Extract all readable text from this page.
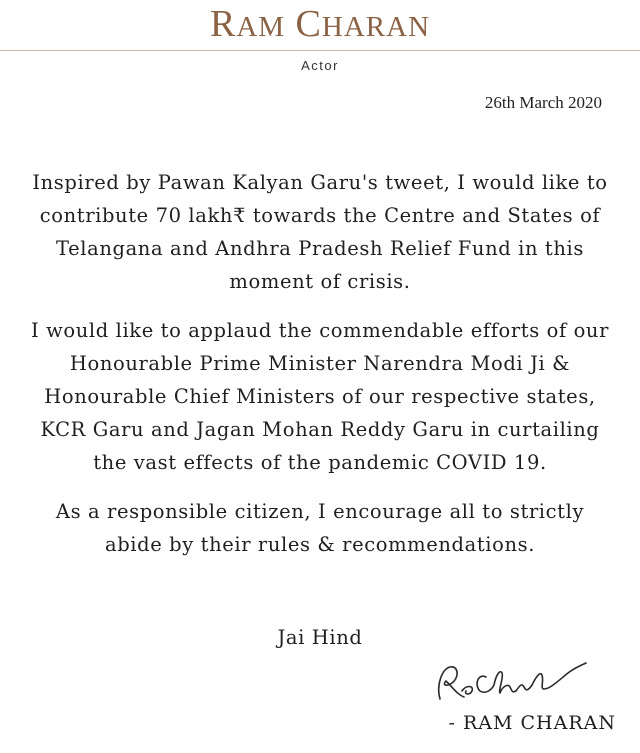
RAM CHARAN
Actor
26th March 2020

Inspired by Pawan Kalyan Garu's tweet, I would like to contribute 70 lakh₹ towards the Centre and States of Telangana and Andhra Pradesh Relief Fund in this moment of crisis.

I would like to applaud the commendable efforts of our Honourable Prime Minister Narendra Modi Ji & Honourable Chief Ministers of our respective states, KCR Garu and Jagan Mohan Reddy Garu in curtailing the vast effects of the pandemic COVID 19.

As a responsible citizen, I encourage all to strictly abide by their rules & recommendations.

Jai Hind
- RAM CHARAN
